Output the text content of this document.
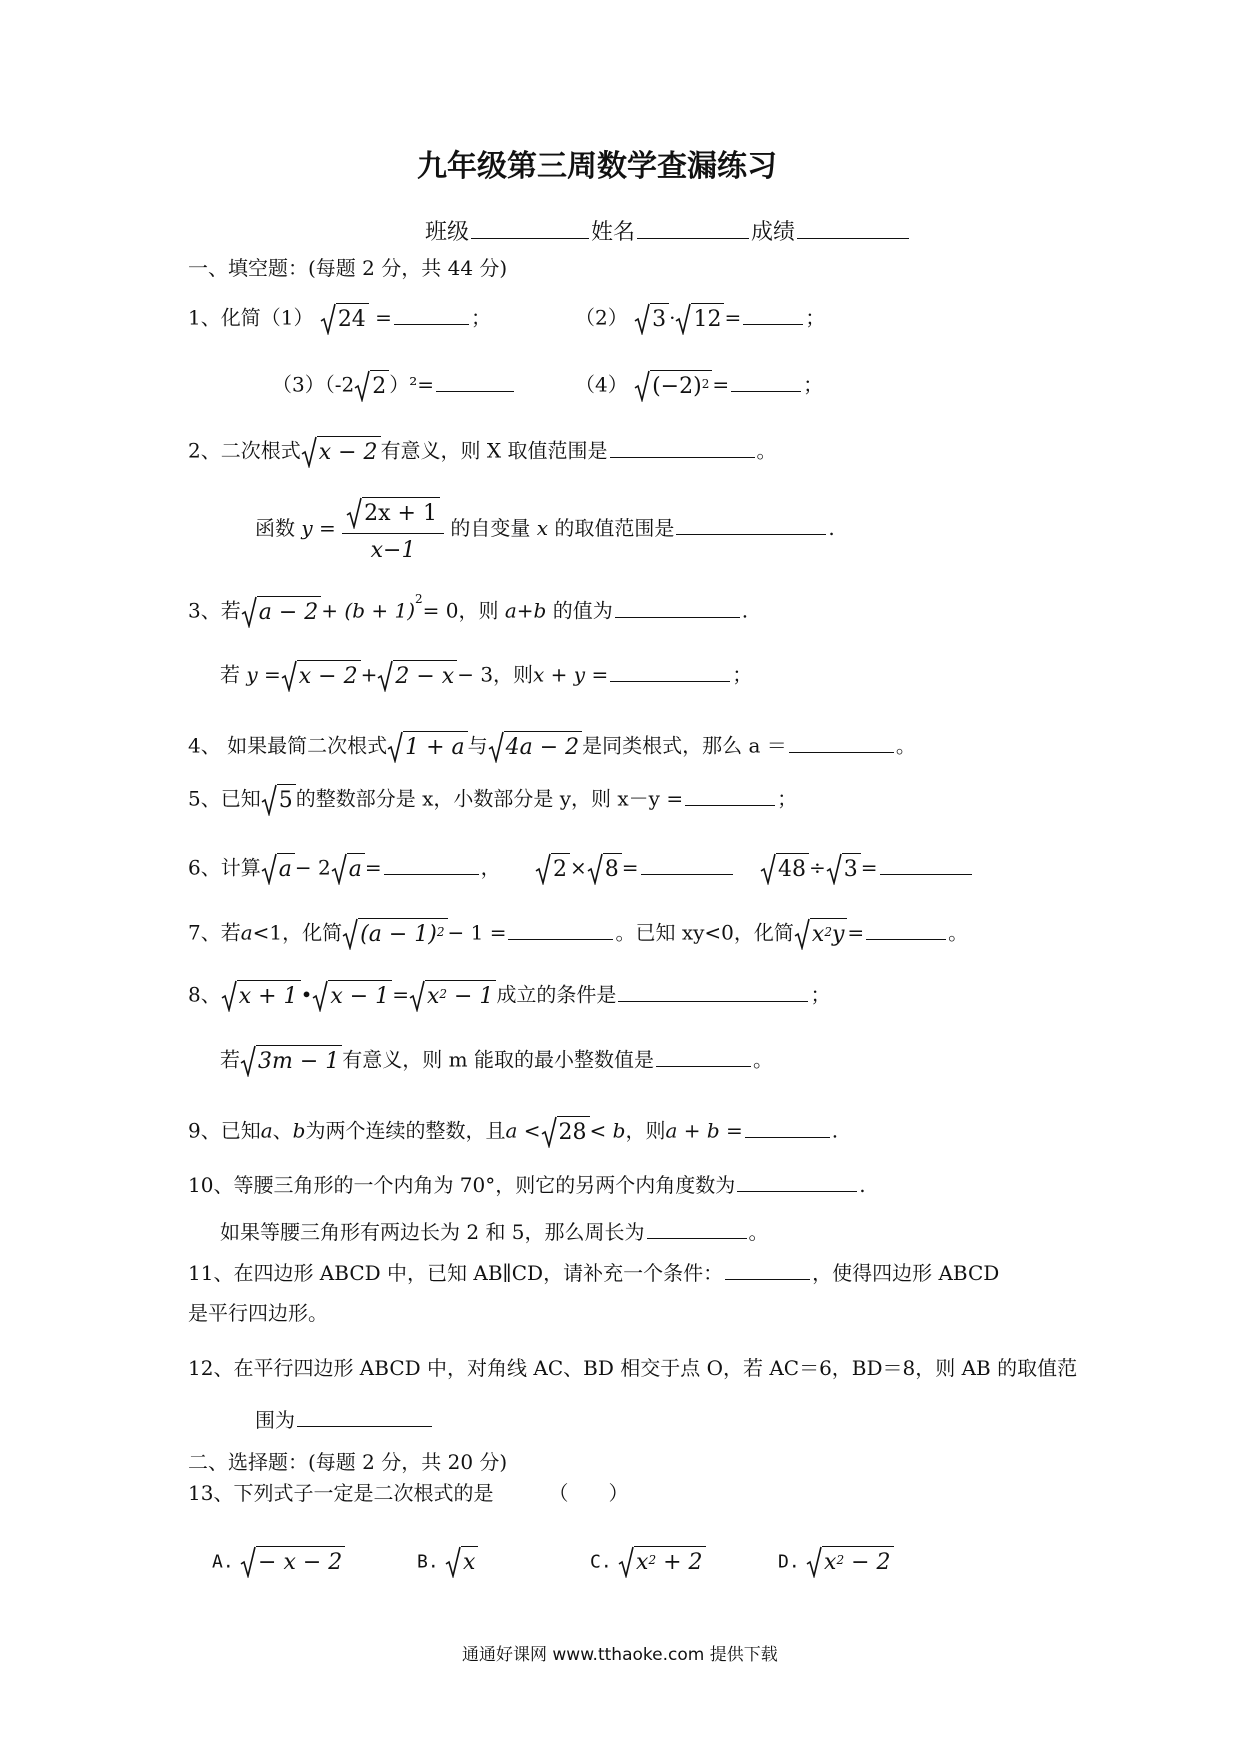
九年级第三周数学查漏练习
班级	姓名	成绩
一、填空题：(每题 2 分，共 44 分)
1、化简（1） 24 =	；	（2） 3 · 12 =	；
（3）（-2 2 ）²=	（4） $(-2)^2$ =	；
2、二次根式 x − 2 有意义，则 X 取值范围是	。
函数 $y = \frac{2x + 1}{x-1}$ 的自变量 x 的取值范围是	.
3、若 $a - 2 + (b + 1)^2= 0$，则 a+b 的值为	.
若 y = x − 2 + 2 − x − 3，则x + y =	；
4、 如果最简二次根式 1 + a 与 4a − 2 是同类根式，那么 a ＝	。
5、已知 5 的整数部分是 x，小数部分是 y，则 x－y =	；
6、计算 a − 2 a =	， 2 × 8 =	48 ÷ 3 =
7、若a<1，化简 $(a - 1)^2 - 1$ =	。已知 xy<0，化简 $x^2y$ =	。
8、 x + 1 • $x - 1 = x^2 - 1$ 成立的条件是	；
若 3m − 1 有意义，则 m 能取的最小整数值是	。
9、已知a、b为两个连续的整数，且a < 28 < b，则a + b =	.
10、等腰三角形的一个内角为 70°，则它的另两个内角度数为	.
如果等腰三角形有两边长为 2 和 5，那么周长为	。
11、在四边形 ABCD 中，已知 AB∥CD，请补充一个条件：	，使得四边形 ABCD
是平行四边形。
12、在平行四边形 ABCD 中，对角线 AC、BD 相交于点 O，若 AC＝6，BD＝8，则 AB 的取值范
围为
二、选择题：(每题 2 分，共 20 分)
13、下列式子一定是二次根式的是	（　　）
A. − x − 2	B. x	C. $x^2 + 2$	D. $x^2 - 2$
通通好课网 www.tthaoke.com 提供下载
